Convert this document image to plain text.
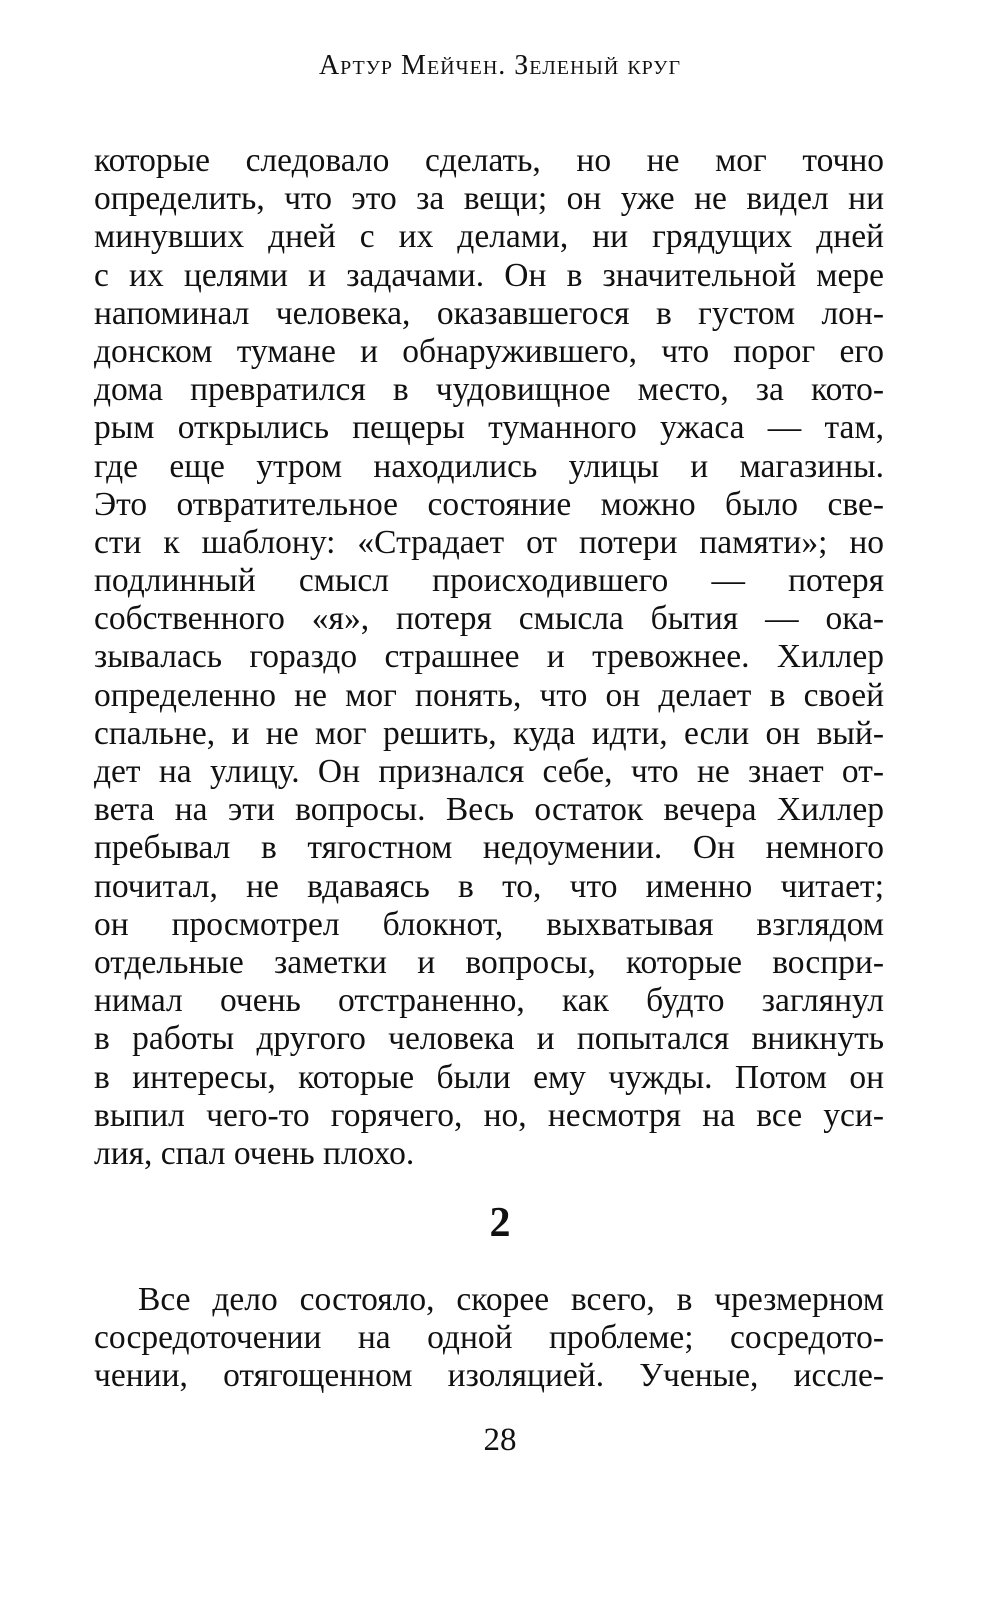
Артур Мейчен. Зеленый круг
которые следовало сделать, но не мог точно
определить, что это за вещи; он уже не видел ни
минувших дней с их делами, ни грядущих дней
с их целями и задачами. Он в значительной мере
напоминал человека, оказавшегося в густом лон-
донском тумане и обнаружившего, что порог его
дома превратился в чудовищное место, за кото-
рым открылись пещеры туманного ужаса — там,
где еще утром находились улицы и магазины.
Это отвратительное состояние можно было све-
сти к шаблону: «Страдает от потери памяти»; но
подлинный смысл происходившего — потеря
собственного «я», потеря смысла бытия — ока-
зывалась гораздо страшнее и тревожнее. Хиллер
определенно не мог понять, что он делает в своей
спальне, и не мог решить, куда идти, если он вый-
дет на улицу. Он признался себе, что не знает от-
вета на эти вопросы. Весь остаток вечера Хиллер
пребывал в тягостном недоумении. Он немного
почитал, не вдаваясь в то, что именно читает;
он просмотрел блокнот, выхватывая взглядом
отдельные заметки и вопросы, которые воспри-
нимал очень отстраненно, как будто заглянул
в работы другого человека и попытался вникнуть
в интересы, которые были ему чужды. Потом он
выпил чего-то горячего, но, несмотря на все уси-
лия, спал очень плохо.
2
Все дело состояло, скорее всего, в чрезмерном
сосредоточении на одной проблеме; сосредото-
чении, отягощенном изоляцией. Ученые, иссле-
28
